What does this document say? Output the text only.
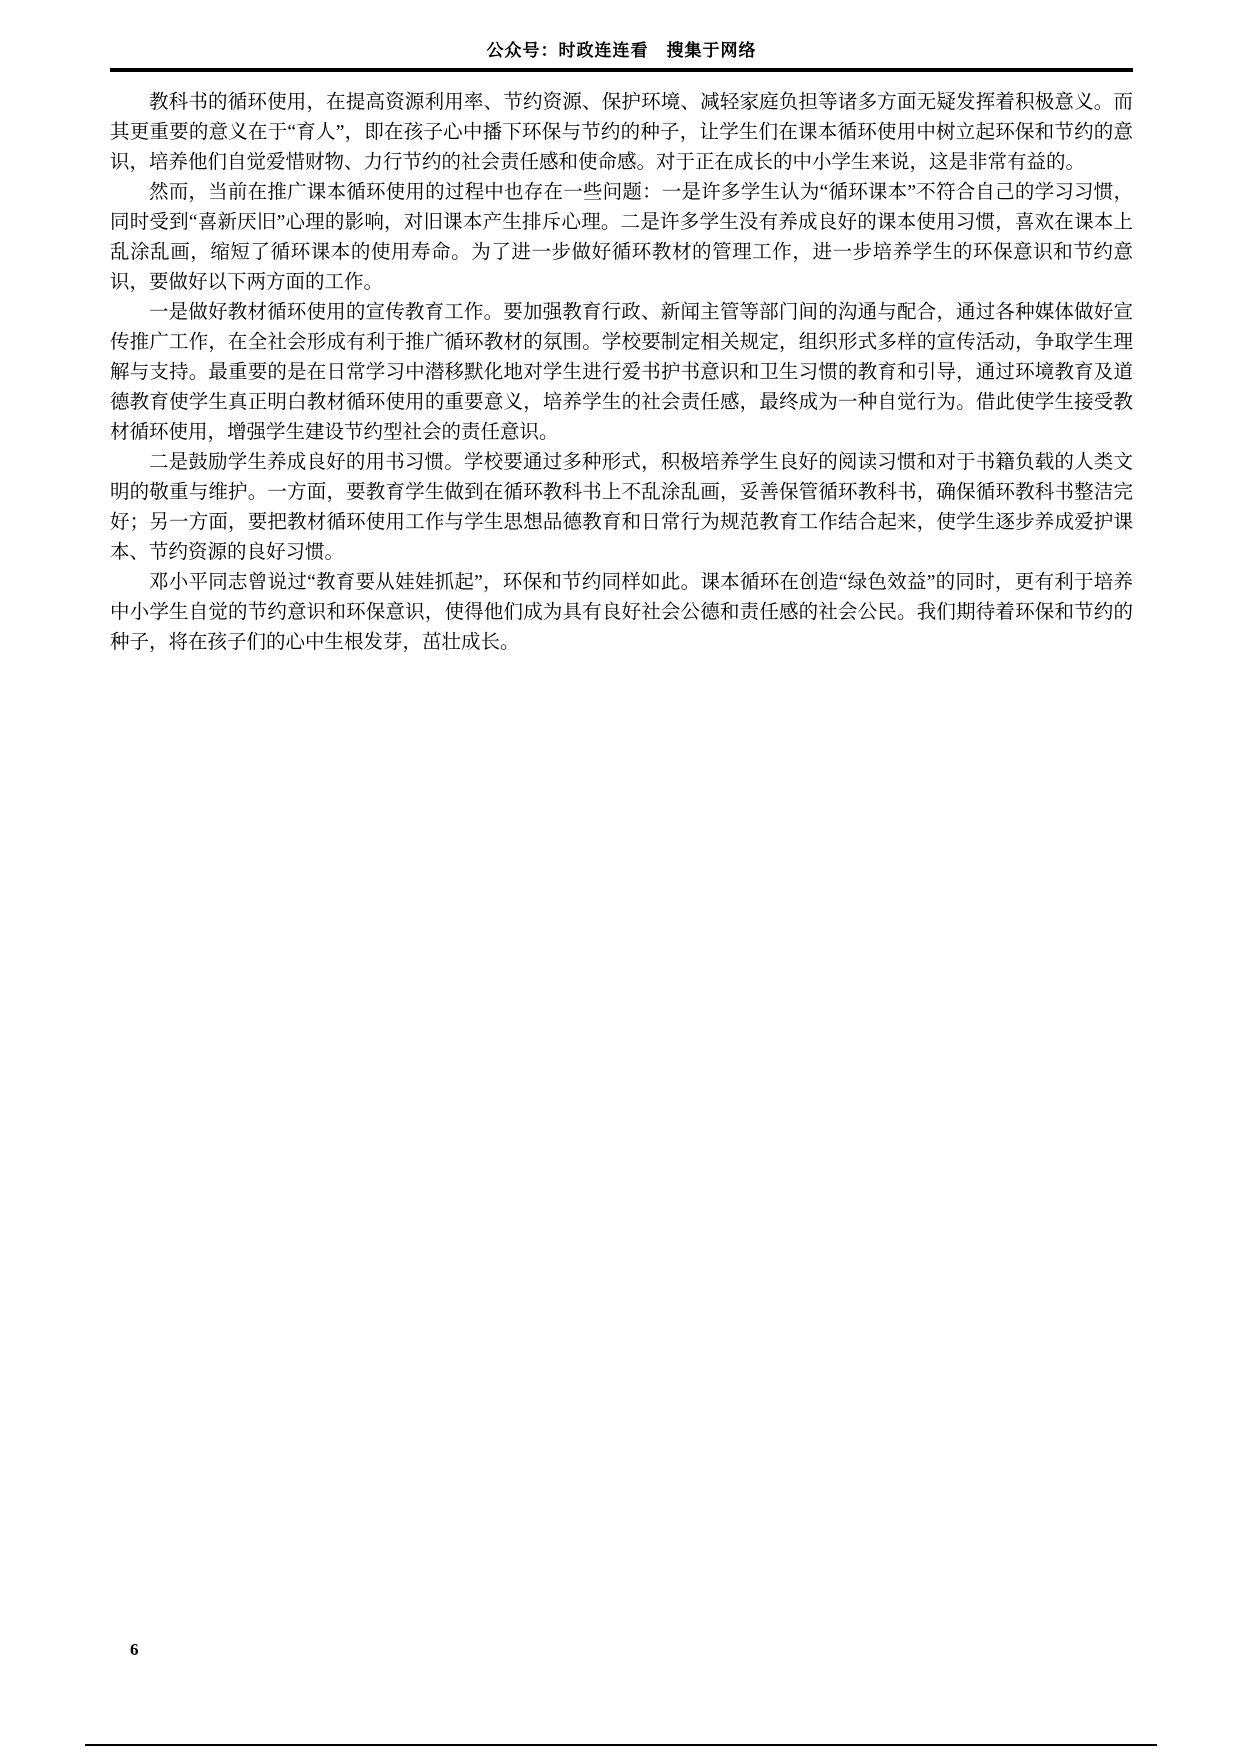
公众号：时政连连看　搜集于网络

教科书的循环使用，在提高资源利用率、节约资源、保护环境、减轻家庭负担等诸多方面无疑发挥着积极意义。而其更重要的意义在于“育人”，即在孩子心中播下环保与节约的种子，让学生们在课本循环使用中树立起环保和节约的意识，培养他们自觉爱惜财物、力行节约的社会责任感和使命感。对于正在成长的中小学生来说，这是非常有益的。

然而，当前在推广课本循环使用的过程中也存在一些问题：一是许多学生认为“循环课本”不符合自己的学习习惯，同时受到“喜新厌旧”心理的影响，对旧课本产生排斥心理。二是许多学生没有养成良好的课本使用习惯，喜欢在课本上乱涂乱画，缩短了循环课本的使用寿命。为了进一步做好循环教材的管理工作，进一步培养学生的环保意识和节约意识，要做好以下两方面的工作。

一是做好教材循环使用的宣传教育工作。要加强教育行政、新闻主管等部门间的沟通与配合，通过各种媒体做好宣传推广工作，在全社会形成有利于推广循环教材的氛围。学校要制定相关规定，组织形式多样的宣传活动，争取学生理解与支持。最重要的是在日常学习中潜移默化地对学生进行爱书护书意识和卫生习惯的教育和引导，通过环境教育及道德教育使学生真正明白教材循环使用的重要意义，培养学生的社会责任感，最终成为一种自觉行为。借此使学生接受教材循环使用，增强学生建设节约型社会的责任意识。

二是鼓励学生养成良好的用书习惯。学校要通过多种形式，积极培养学生良好的阅读习惯和对于书籍负载的人类文明的敬重与维护。一方面，要教育学生做到在循环教科书上不乱涂乱画，妥善保管循环教科书，确保循环教科书整洁完好；另一方面，要把教材循环使用工作与学生思想品德教育和日常行为规范教育工作结合起来，使学生逐步养成爱护课本、节约资源的良好习惯。

邓小平同志曾说过“教育要从娃娃抓起”，环保和节约同样如此。课本循环在创造“绿色效益”的同时，更有利于培养中小学生自觉的节约意识和环保意识，使得他们成为具有良好社会公德和责任感的社会公民。我们期待着环保和节约的种子，将在孩子们的心中生根发芽，茁壮成长。

6
